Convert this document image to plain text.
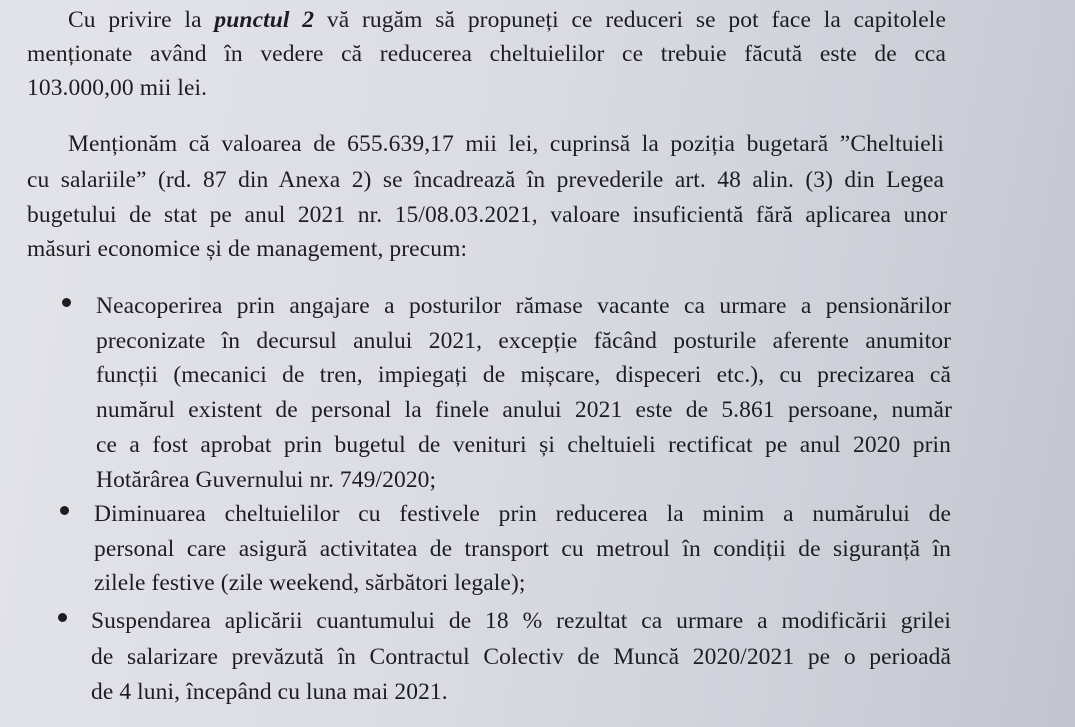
Cu privire la punctul 2 vă rugăm să propuneți ce reduceri se pot face la capitolele
menționate având în vedere că reducerea cheltuielilor ce trebuie făcută este de cca
103.000,00 mii lei.
Menționăm că valoarea de 655.639,17 mii lei, cuprinsă la poziția bugetară ”Cheltuieli
cu salariile” (rd. 87 din Anexa 2) se încadrează în prevederile art. 48 alin. (3) din Legea
bugetului de stat pe anul 2021 nr. 15/08.03.2021, valoare insuficientă fără aplicarea unor
măsuri economice și de management, precum:
Neacoperirea prin angajare a posturilor rămase vacante ca urmare a pensionărilor
preconizate în decursul anului 2021, excepție făcând posturile aferente anumitor
funcții (mecanici de tren, impiegați de mișcare, dispeceri etc.), cu precizarea că
numărul existent de personal la finele anului 2021 este de 5.861 persoane, număr
ce a fost aprobat prin bugetul de venituri și cheltuieli rectificat pe anul 2020 prin
Hotărârea Guvernului nr. 749/2020;
Diminuarea cheltuielilor cu festivele prin reducerea la minim a numărului de
personal care asigură activitatea de transport cu metroul în condiții de siguranță în
zilele festive (zile weekend, sărbători legale);
Suspendarea aplicării cuantumului de 18 % rezultat ca urmare a modificării grilei
de salarizare prevăzută în Contractul Colectiv de Muncă 2020/2021 pe o perioadă
de 4 luni, începând cu luna mai 2021.
